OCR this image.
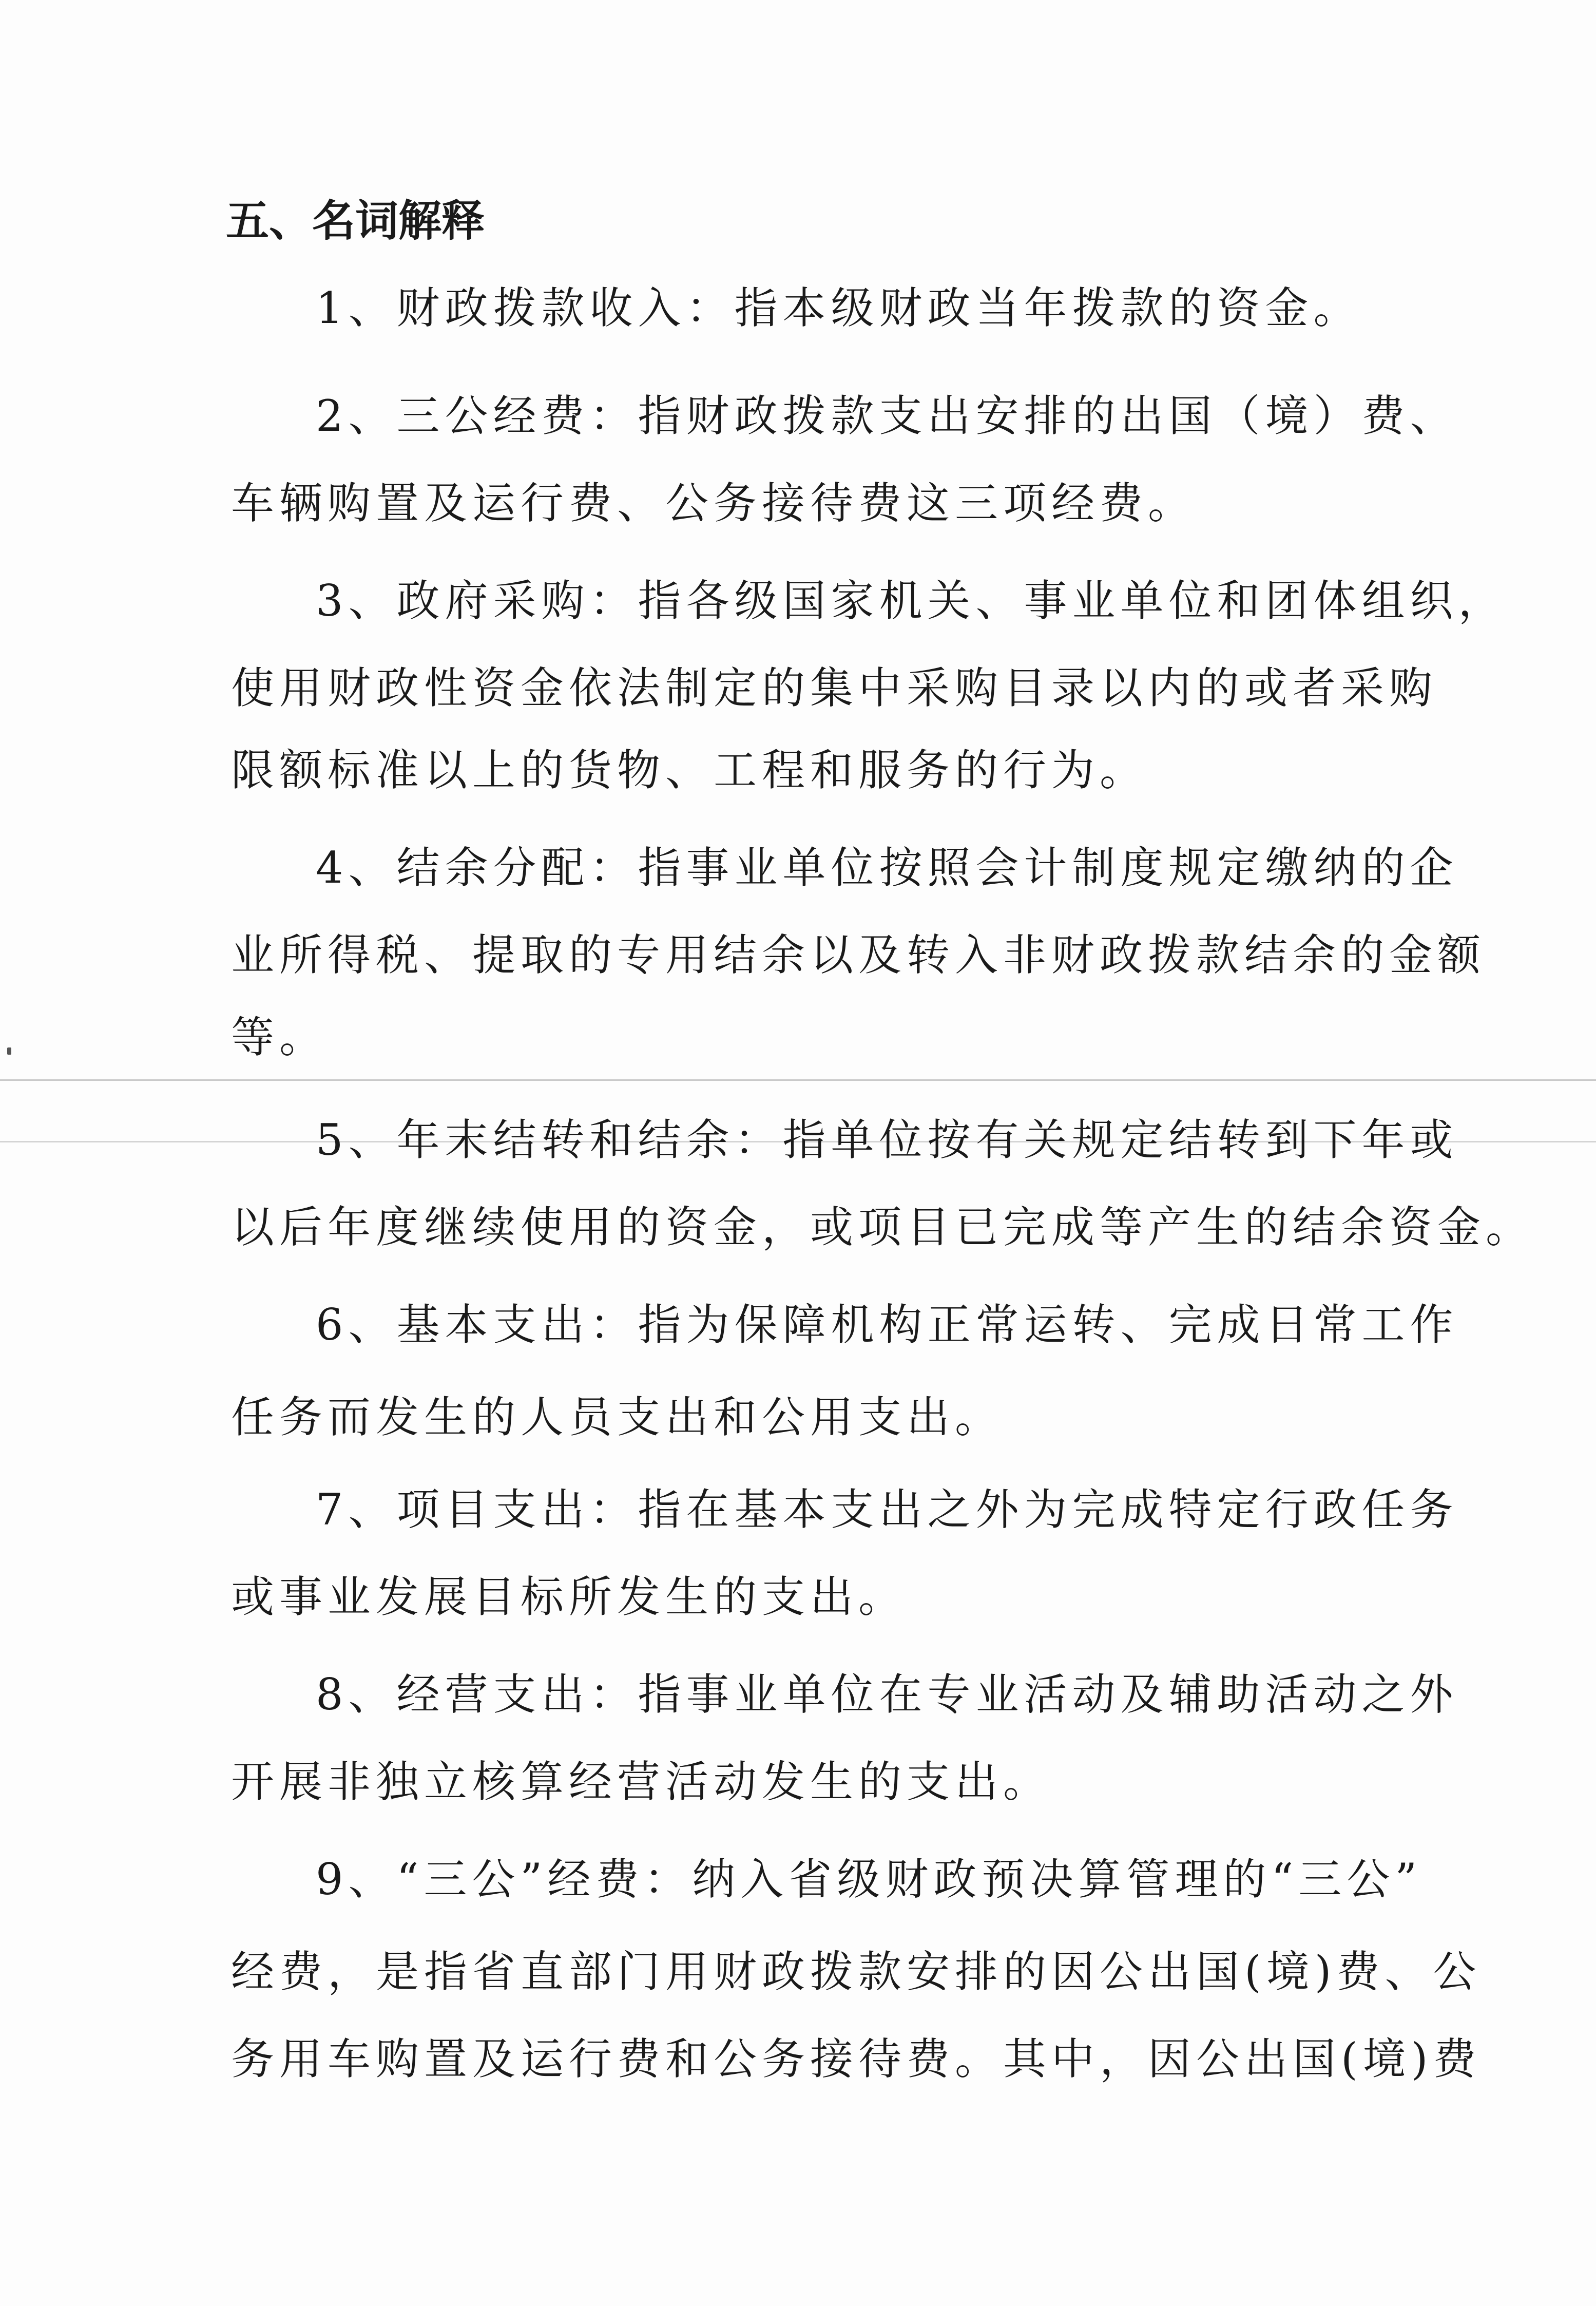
五、名词解释
1、财政拨款收入：指本级财政当年拨款的资金。
2、三公经费：指财政拨款支出安排的出国（境）费、
车辆购置及运行费、公务接待费这三项经费。
3、政府采购：指各级国家机关、事业单位和团体组织，
使用财政性资金依法制定的集中采购目录以内的或者采购
限额标准以上的货物、工程和服务的行为。
4、结余分配：指事业单位按照会计制度规定缴纳的企
业所得税、提取的专用结余以及转入非财政拨款结余的金额
等。
5、年末结转和结余：指单位按有关规定结转到下年或
以后年度继续使用的资金，或项目已完成等产生的结余资金。
6、基本支出：指为保障机构正常运转、完成日常工作
任务而发生的人员支出和公用支出。
7、项目支出：指在基本支出之外为完成特定行政任务
或事业发展目标所发生的支出。
8、经营支出：指事业单位在专业活动及辅助活动之外
开展非独立核算经营活动发生的支出。
9、“三公”经费：纳入省级财政预决算管理的“三公”
经费，是指省直部门用财政拨款安排的因公出国(境)费、公
务用车购置及运行费和公务接待费。其中，因公出国(境)费
